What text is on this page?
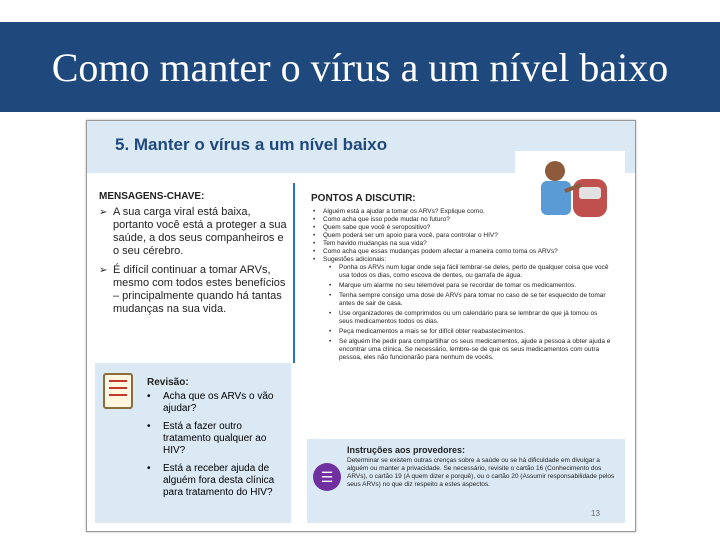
Como manter o vírus a um nível baixo
5. Manter o vírus a um nível baixo
MENSAGENS-CHAVE:
➢ A sua carga viral está baixa, portanto você está a proteger a sua saúde, a dos seus companheiros e o seu cérebro.
➢ É difícil continuar a tomar ARVs, mesmo com todos estes benefícios – principalmente quando há tantas mudanças na sua vida.
PONTOS A DISCUTIR:
• Alguém está a ajudar a tomar os ARVs? Explique como.
• Como acha que isso pode mudar no futuro?
• Quem sabe que você é seropositivo?
• Quem poderá ser um apoio para você, para controlar o HIV?
• Tem havido mudanças na sua vida?
• Como acha que essas mudanças podem afectar a maneira como toma os ARVs?
• Sugestões adicionais:
• Ponha os ARVs num lugar onde seja fácil lembrar-se deles, perto de qualquer coisa que você usa todos os dias, como escova de dentes, ou garrafa de água.
• Marque um alarme no seu telemóvel para se recordar de tomar os medicamentos.
• Tenha sempre consigo uma dose de ARVs para tomar no caso de se ter esquecido de tomar antes de sair de casa.
• Use organizadores de comprimidos ou um calendário para se lembrar de que já tomou os seus medicamentos todos os dias.
• Peça medicamentos a mais se for difícil obter reabastecimentos.
• Se alguém lhe pedir para compartilhar os seus medicamentos, ajude a pessoa a obter ajuda e encontrar uma clínica. Se necessário, lembre-se de que os seus medicamentos com outra pessoa, eles não funcionarão para nenhum de vocês.
Revisão:
• Acha que os ARVs o vão ajudar?
• Está a fazer outro tratamento qualquer ao HIV?
• Está a receber ajuda de alguém fora desta clínica para tratamento do HIV?
☰
Instruções aos provedores:
Determinar se existem outras crenças sobre a saúde ou se há dificuldade em divulgar a alguém ou manter a privacidade. Se necessário, revisite o cartão 16 (Conhecimento dos ARVs), o cartão 19 (A quem dizer e porquê), ou o cartão 20 (Assumir responsabilidade pelos seus ARVs) no que diz respeito a estes aspectos.
13
